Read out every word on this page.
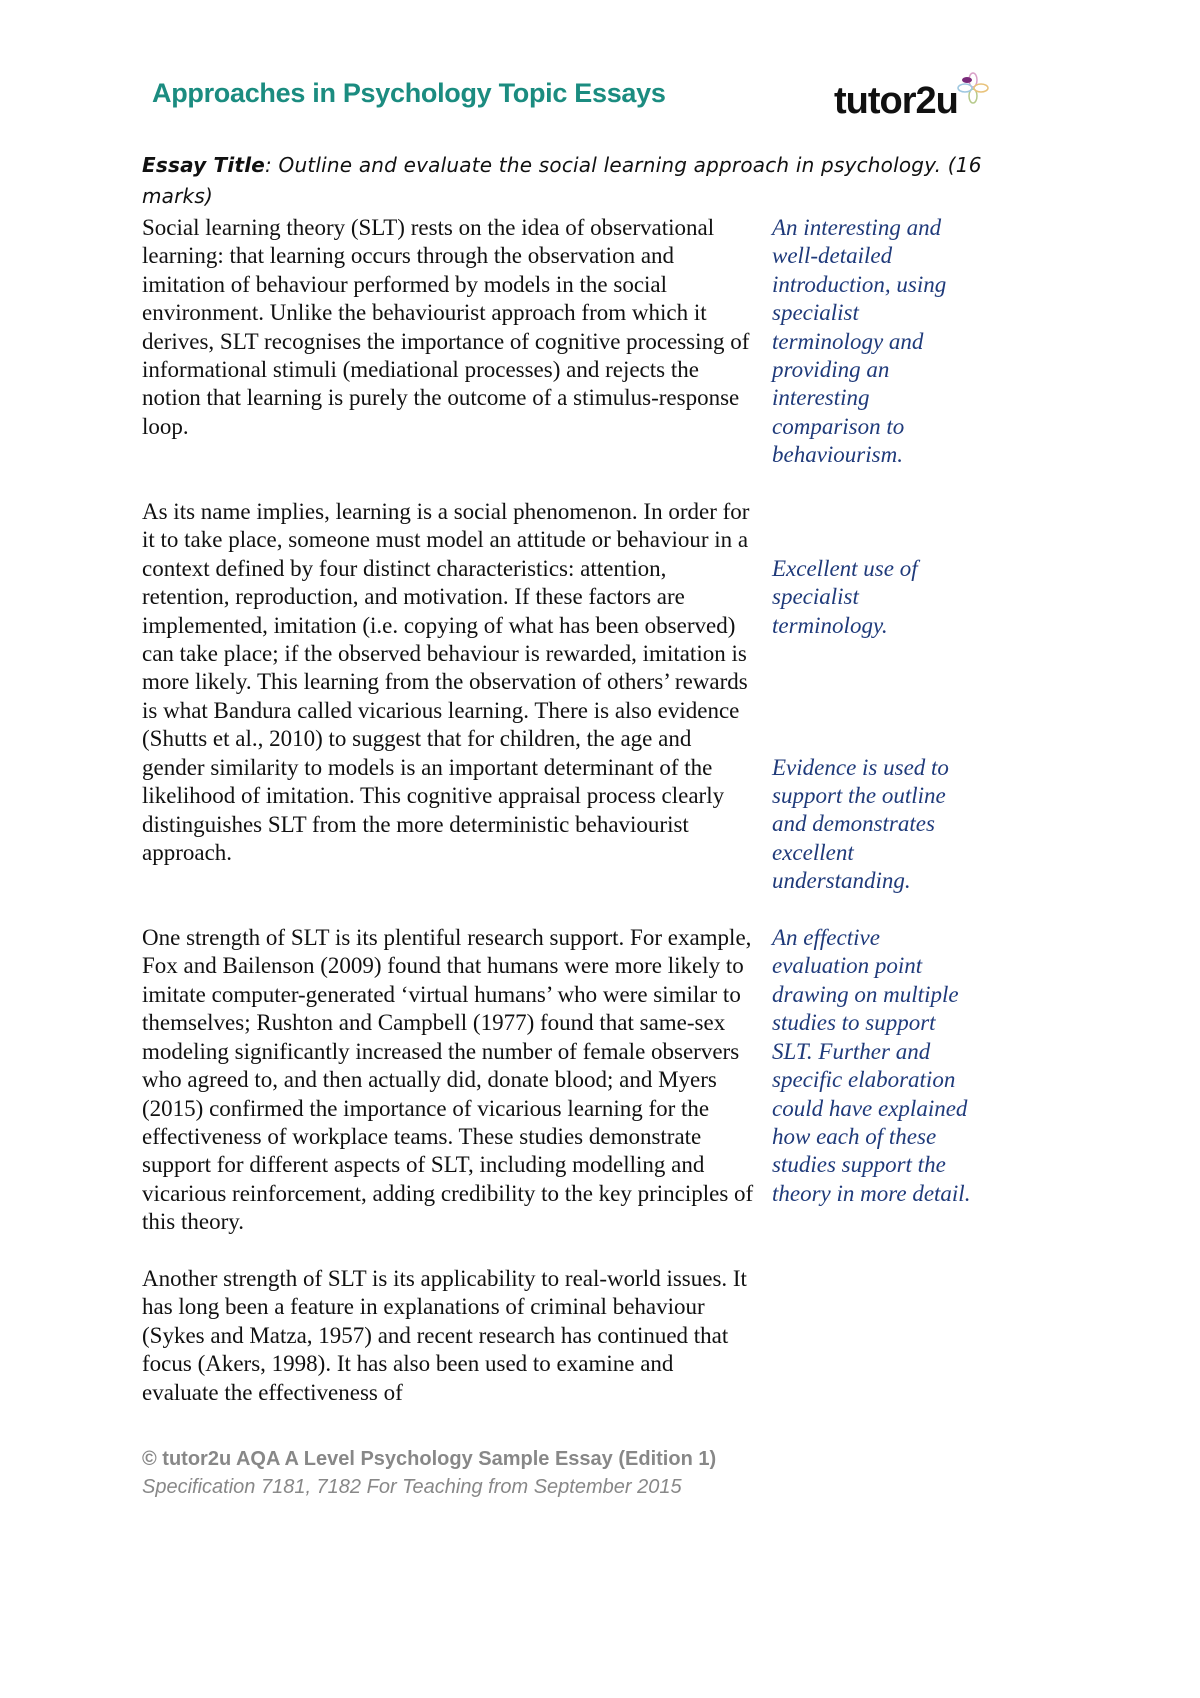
Approaches in Psychology Topic Essays	tutor2u
Essay Title: Outline and evaluate the social learning approach in psychology. (16 marks)
Social learning theory (SLT) rests on the idea of observational learning: that learning occurs through the observation and imitation of behaviour performed by models in the social environment. Unlike the behaviourist approach from which it derives, SLT recognises the importance of cognitive processing of informational stimuli (mediational processes) and rejects the notion that learning is purely the outcome of a stimulus-response loop.
An interesting and well-detailed introduction, using specialist terminology and providing an interesting comparison to behaviourism.
As its name implies, learning is a social phenomenon. In order for it to take place, someone must model an attitude or behaviour in a context defined by four distinct characteristics: attention, retention, reproduction, and motivation. If these factors are implemented, imitation (i.e. copying of what has been observed) can take place; if the observed behaviour is rewarded, imitation is more likely. This learning from the observation of others’ rewards is what Bandura called vicarious learning. There is also evidence (Shutts et al., 2010) to suggest that for children, the age and gender similarity to models is an important determinant of the likelihood of imitation. This cognitive appraisal process clearly distinguishes SLT from the more deterministic behaviourist approach.
Excellent use of specialist terminology.
Evidence is used to support the outline and demonstrates excellent understanding.
One strength of SLT is its plentiful research support. For example, Fox and Bailenson (2009) found that humans were more likely to imitate computer-generated ‘virtual humans’ who were similar to themselves; Rushton and Campbell (1977) found that same-sex modeling significantly increased the number of female observers who agreed to, and then actually did, donate blood; and Myers (2015) confirmed the importance of vicarious learning for the effectiveness of workplace teams. These studies demonstrate support for different aspects of SLT, including modelling and vicarious reinforcement, adding credibility to the key principles of this theory.
An effective evaluation point drawing on multiple studies to support SLT. Further and specific elaboration could have explained how each of these studies support the theory in more detail.
Another strength of SLT is its applicability to real-world issues. It has long been a feature in explanations of criminal behaviour (Sykes and Matza, 1957) and recent research has continued that focus (Akers, 1998). It has also been used to examine and evaluate the effectiveness of
© tutor2u AQA A Level Psychology Sample Essay (Edition 1)
Specification 7181, 7182 For Teaching from September 2015
